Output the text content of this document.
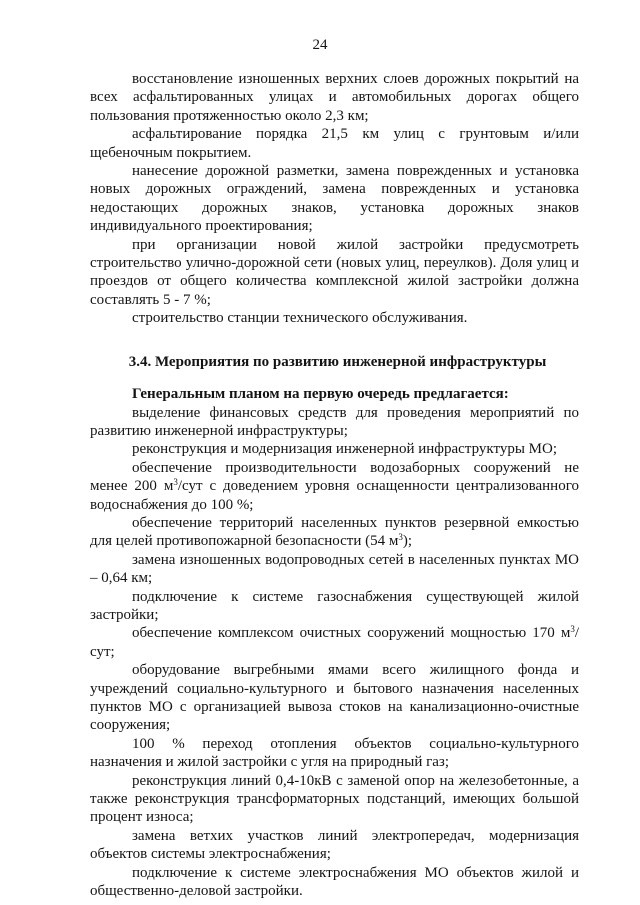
24

восстановление изношенных верхних слоев дорожных покрытий на всех асфальтированных улицах и автомобильных дорогах общего пользования протяженностью около 2,3 км;

асфальтирование порядка 21,5 км улиц с грунтовым и/или щебеночным покрытием.

нанесение дорожной разметки, замена поврежденных и установка новых дорожных ограждений, замена поврежденных и установка недостающих дорожных знаков, установка дорожных знаков индивидуального проектирования;

при организации новой жилой застройки предусмотреть строительство улично-дорожной сети (новых улиц, переулков). Доля улиц и проездов от общего количества комплексной жилой застройки должна составлять 5 - 7 %;

строительство станции технического обслуживания.

3.4. Мероприятия по развитию инженерной инфраструктуры

Генеральным планом на первую очередь предлагается:

выделение финансовых средств для проведения мероприятий по развитию инженерной инфраструктуры;

реконструкция и модернизация инженерной инфраструктуры МО;

обеспечение производительности водозаборных сооружений не менее 200 $м^3$/сут с доведением уровня оснащенности централизованного водоснабжения до 100 %;

обеспечение территорий населенных пунктов резервной емкостью для целей противопожарной безопасности (54 $м^3$);

замена изношенных водопроводных сетей в населенных пунктах МО – 0,64 км;

подключение к системе газоснабжения существующей жилой застройки;

обеспечение комплексом очистных сооружений мощностью 170 $м^3$/сут;

оборудование выгребными ямами всего жилищного фонда и учреждений социально-культурного и бытового назначения населенных пунктов МО с организацией вывоза стоков на канализационно-очистные сооружения;

100 % переход отопления объектов социально-культурного назначения и жилой застройки с угля на природный газ;

реконструкция линий 0,4-10кВ с заменой опор на железобетонные, а также реконструкция трансформаторных подстанций, имеющих большой процент износа;

замена ветхих участков линий электропередач, модернизация объектов системы электроснабжения;

подключение к системе электроснабжения МО объектов жилой и общественно-деловой застройки.
